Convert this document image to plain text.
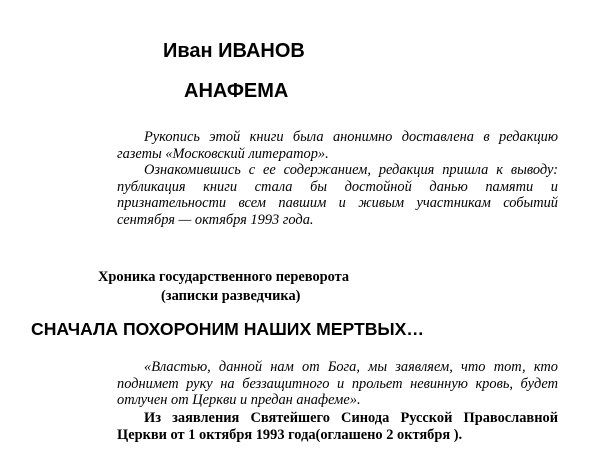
Иван ИВАНОВ
АНАФЕМА

Рукопись этой книги была анонимно доставлена в редакцию газеты «Московский литератор».

Ознакомившись с ее содержанием, редакция пришла к выводу: публикация книги стала бы достойной данью памяти и признательности всем павшим и живым участникам событий сентября — октября 1993 года.

Хроника государственного переворота
(записки разведчика)
СНАЧАЛА ПОХОРОНИМ НАШИХ МЕРТВЫХ…

«Властью, данной нам от Бога, мы заявляем, что тот, кто поднимет руку на беззащитного и прольет невинную кровь, будет отлучен от Церкви и предан анафеме».

Из заявления Святейшего Синода Русской Православной Церкви от 1 октября 1993 года(оглашено 2 октября ).
